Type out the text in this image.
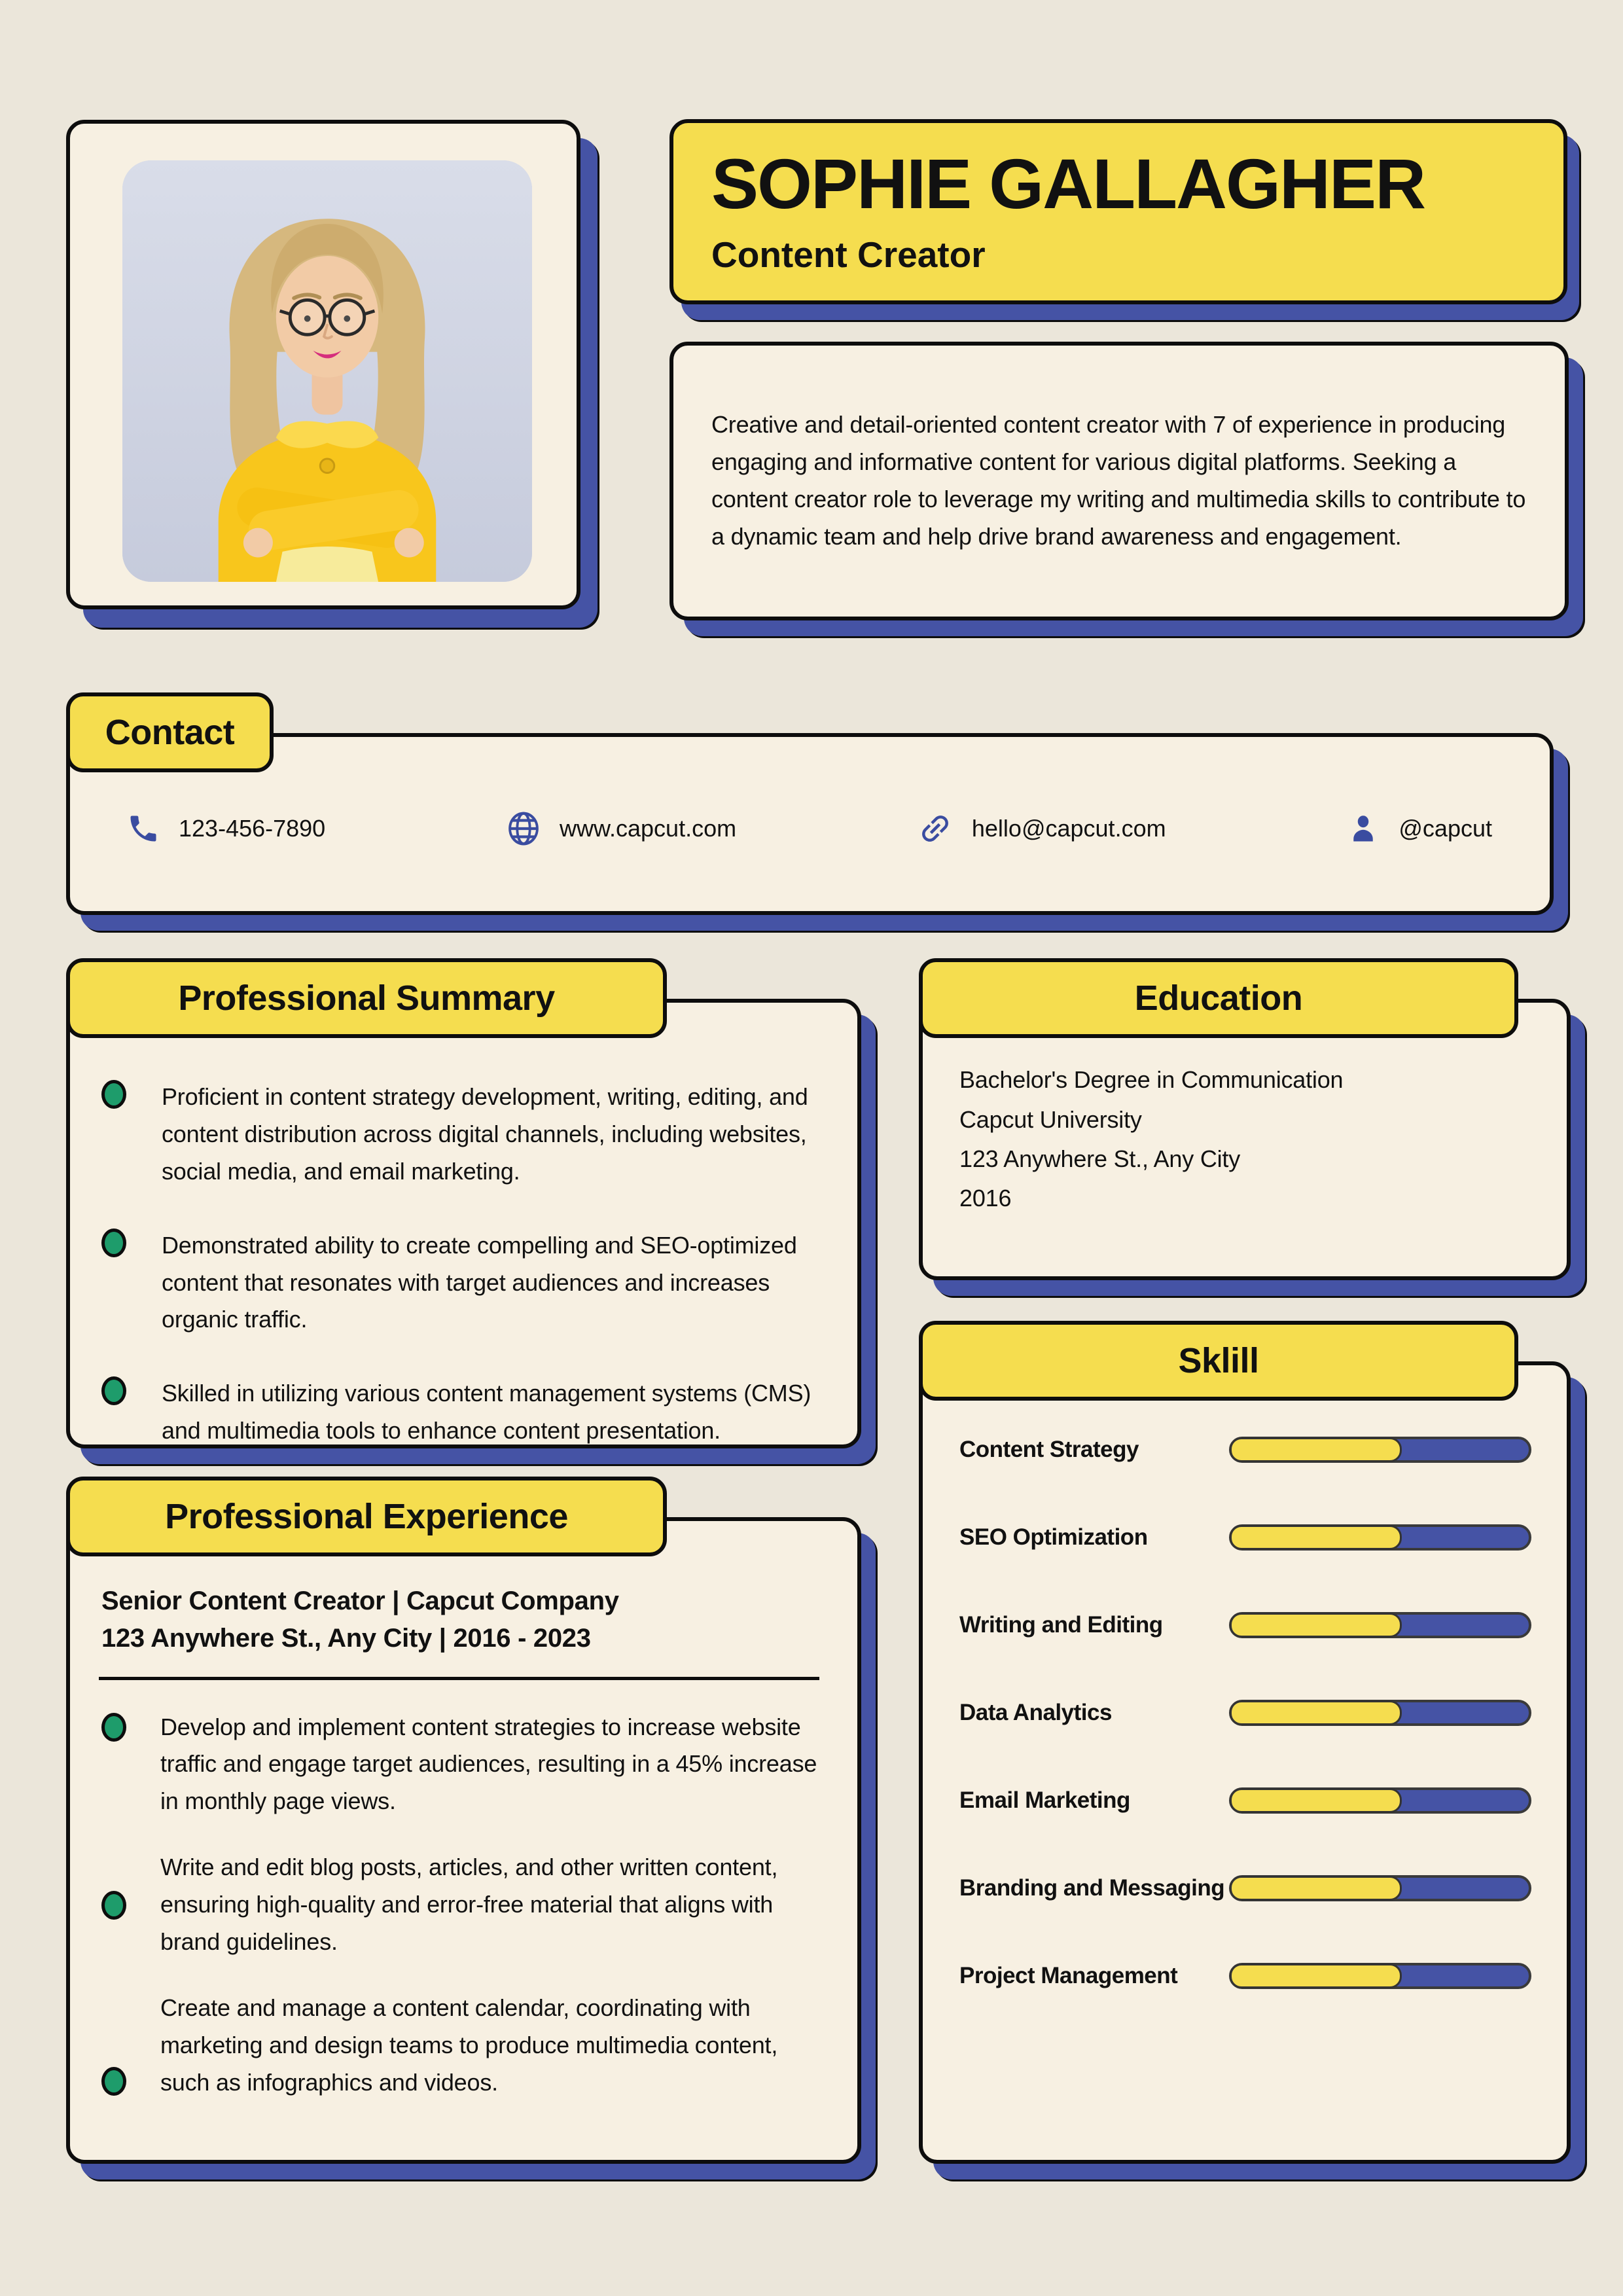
SOPHIE GALLAGHER
Content Creator

Creative and detail-oriented content creator with 7 of experience in producing engaging and informative content for various digital platforms. Seeking a content creator role to leverage my writing and multimedia skills to contribute to a dynamic team and help drive brand awareness and engagement.

Contact
123-456-7890	www.capcut.com	hello@capcut.com	@capcut
Professional Summary
Proficient in content strategy development, writing, editing, and content distribution across digital channels, including websites, social media, and email marketing.
Demonstrated ability to create compelling and SEO-optimized content that resonates with target audiences and increases organic traffic.
Skilled in utilizing various content management systems (CMS) and multimedia tools to enhance content presentation.
Education
Bachelor's Degree in Communication
Capcut University
123 Anywhere St., Any City
2016
Sklill
Content Strategy
SEO Optimization
Writing and Editing
Data Analytics
Email Marketing
Branding and Messaging
Project Management
Professional Experience
Senior Content Creator | Capcut Company
123 Anywhere St., Any City | 2016 - 2023
Develop and implement content strategies to increase website traffic and engage target audiences, resulting in a 45% increase in monthly page views.
Write and edit blog posts, articles, and other written content, ensuring high-quality and error-free material that aligns with brand guidelines.
Create and manage a content calendar, coordinating with marketing and design teams to produce multimedia content, such as infographics and videos.
